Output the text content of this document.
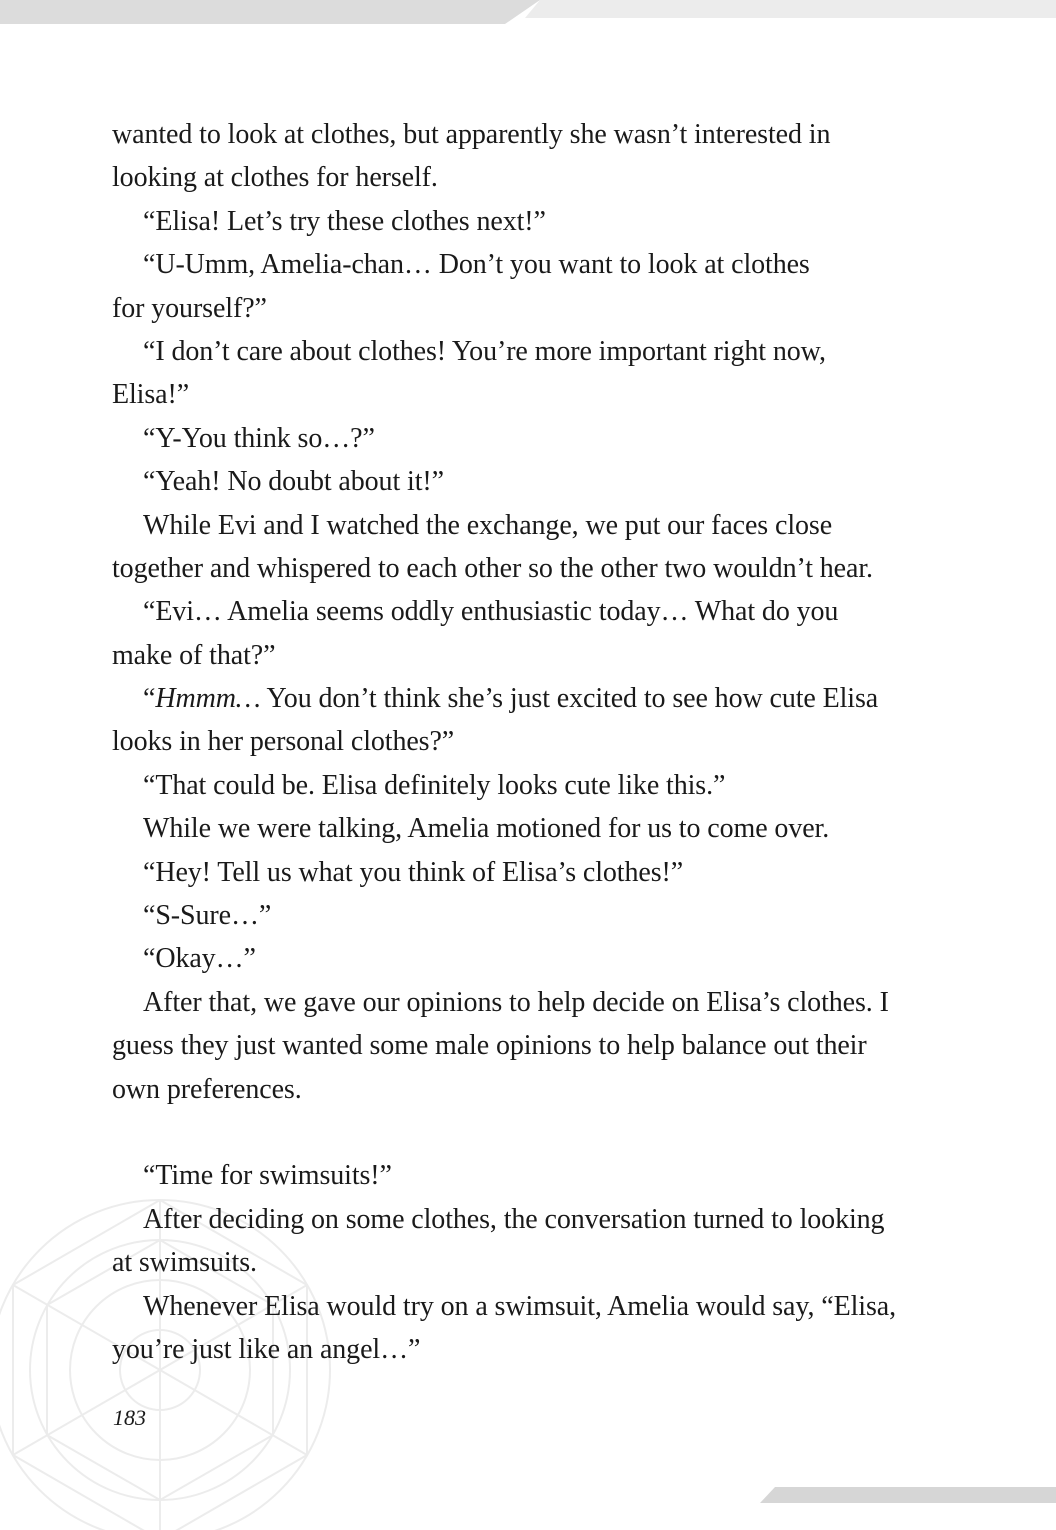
wanted to look at clothes, but apparently she wasn’t interested in
looking at clothes for herself.
“Elisa! Let’s try these clothes next!”
“U-Umm, Amelia-chan… Don’t you want to look at clothes
for yourself?”
“I don’t care about clothes! You’re more important right now,
Elisa!”
“Y-You think so…?”
“Yeah! No doubt about it!”
While Evi and I watched the exchange, we put our faces close
together and whispered to each other so the other two wouldn’t hear.
“Evi… Amelia seems oddly enthusiastic today… What do you
make of that?”
“Hmmm… You don’t think she’s just excited to see how cute Elisa
looks in her personal clothes?”
“That could be. Elisa definitely looks cute like this.”
While we were talking, Amelia motioned for us to come over.
“Hey! Tell us what you think of Elisa’s clothes!”
“S-Sure…”
“Okay…”
After that, we gave our opinions to help decide on Elisa’s clothes. I
guess they just wanted some male opinions to help balance out their
own preferences.
“Time for swimsuits!”
After deciding on some clothes, the conversation turned to looking
at swimsuits.
Whenever Elisa would try on a swimsuit, Amelia would say, “Elisa,
you’re just like an angel…”
183
